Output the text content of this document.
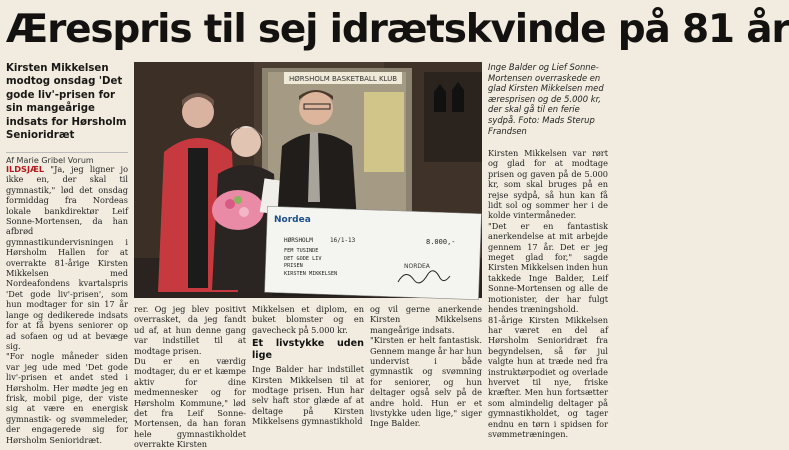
Ærespris til sej idrætskvinde på 81 år
Kirsten Mikkelsen modtog onsdag 'Det gode liv'-prisen for sin mangeårige indsats for Hørsholm Senioridræt
Af Marie Gribel Vorum

ILDSJÆL "Ja, jeg ligner jo ikke en, der skal til gymnastik," lød det onsdag formiddag fra Nordeas lokale bankdirektør Leif Sonne-Mortensen, da han afbrød gymnastikundervisningen i Hørsholm Hallen for at overrakte 81-årige Kirsten Mikkelsen med Nordeafondens kvartalspris 'Det gode liv'-prisen', som hun modtager for sin 17 år lange og dedikerede indsats for at få byens seniorer op ad sofaen og ud at bevæge sig.

"For nogle måneder siden var jeg ude med 'Det gode liv'-prisen et andet sted i Hørsholm. Her mødte jeg en frisk, mobil pige, der viste sig at være en energisk gymnastik- og svømmeleder, der engagerede sig for Hørsholm Senioridræt.

HØRSHOLM BASKETBALL KLUB
Nordea
HØRSHOLM	16/1-13	8.000,-
FEM TUSINDE
DET GODE LIV
PRISEN
KIRSTEN MIKKELSEN
NORDEA
Inge Balder og Lief Sonne-Mortensen overraskede en glad Kirsten Mikkelsen med æresprisen og de 5.000 kr, der skal gå til en ferie sydpå. Foto: Mads Sterup Frandsen

rer. Og jeg blev positivt overrasket, da jeg fandt ud af, at hun denne gang var indstillet til at modtage prisen.

Du er en værdig modtager, du er et kæmpe aktiv for dine medmennesker og for Hørsholm Kommune," lød det fra Leif Sonne-Mortensen, da han foran hele gymnastikholdet overrakte Kirsten

Mikkelsen et diplom, en buket blomster og en gavecheck på 5.000 kr.

Et livstykke uden lige

Inge Balder har indstillet Kirsten Mikkelsen til at modtage prisen. Hun har selv haft stor glæde af at deltage på Kirsten Mikkelsens gymnastikhold

og vil gerne anerkende Kirsten Mikkelsens mangeårige indsats.

"Kirsten er helt fantastisk. Gennem mange år har hun undervist i både gymnastik og svømning for seniorer, og hun deltager også selv på de andre hold. Hun er et livstykke uden lige," siger Inge Balder.

Kirsten Mikkelsen var rørt og glad for at modtage prisen og gaven på de 5.000 kr, som skal bruges på en rejse sydpå, så hun kan få lidt sol og sommer her i de kolde vintermåneder.

"Det er en fantastisk anerkendelse at mit arbejde gennem 17 år. Det er jeg meget glad for," sagde Kirsten Mikkelsen inden hun takkede Inge Balder, Leif Sonne-Mortensen og alle de motionister, der har fulgt hendes træningshold.

81-årige Kirsten Mikkelsen har været en del af Hørsholm Senioridræt fra begyndelsen, så før jul valgte hun at træde ned fra instruktørpodiet og overlade hvervet til nye, friske kræfter. Men hun fortsætter som almindelig deltager på gymnastikholdet, og tager endnu en tørn i spidsen for svømmetræningen.
